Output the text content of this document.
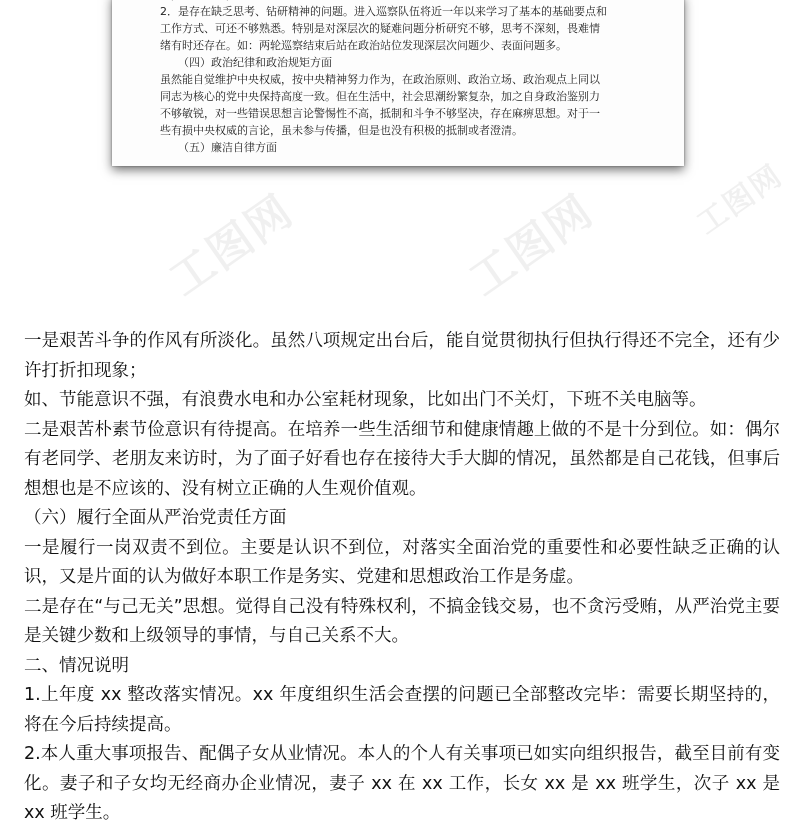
2．是存在缺乏思考、钻研精神的问题。进入巡察队伍将近一年以来学习了基本的基础要点和

工作方式、可还不够熟悉。特别是对深层次的疑难问题分析研究不够，思考不深刻，畏难情

绪有时还存在。如：两轮巡察结束后站在政治站位发现深层次问题少、表面问题多。

（四）政治纪律和政治规矩方面

虽然能自觉维护中央权威，按中央精神努力作为，在政治原则、政治立场、政治观点上同以

同志为核心的党中央保持高度一致。但在生活中，社会思潮纷繁复杂，加之自身政治鉴别力

不够敏锐，对一些错误思想言论警惕性不高，抵制和斗争不够坚决，存在麻痹思想。对于一

些有损中央权威的言论，虽未参与传播，但是也没有积极的抵制或者澄清。

（五）廉洁自律方面

工图网	工图网	工图网

一是艰苦斗争的作风有所淡化。虽然八项规定出台后，能自觉贯彻执行但执行得还不完全，还有少许打折扣现象；

如、节能意识不强，有浪费水电和办公室耗材现象，比如出门不关灯，下班不关电脑等。

二是艰苦朴素节俭意识有待提高。在培养一些生活细节和健康情趣上做的不是十分到位。如：偶尔有老同学、老朋友来访时，为了面子好看也存在接待大手大脚的情况，虽然都是自己花钱，但事后想想也是不应该的、没有树立正确的人生观价值观。

（六）履行全面从严治党责任方面

一是履行一岗双责不到位。主要是认识不到位，对落实全面治党的重要性和必要性缺乏正确的认识，又是片面的认为做好本职工作是务实、党建和思想政治工作是务虚。

二是存在“与己无关”思想。觉得自己没有特殊权利，不搞金钱交易，也不贪污受贿，从严治党主要是关键少数和上级领导的事情，与自己关系不大。

二、情况说明

1.上年度 xx 整改落实情况。xx 年度组织生活会查摆的问题已全部整改完毕：需要长期坚持的，将在今后持续提高。

2.本人重大事项报告、配偶子女从业情况。本人的个人有关事项已如实向组织报告，截至目前有变化。妻子和子女均无经商办企业情况，妻子 xx 在 xx 工作，长女 xx 是 xx 班学生，次子 xx 是 xx 班学生。
